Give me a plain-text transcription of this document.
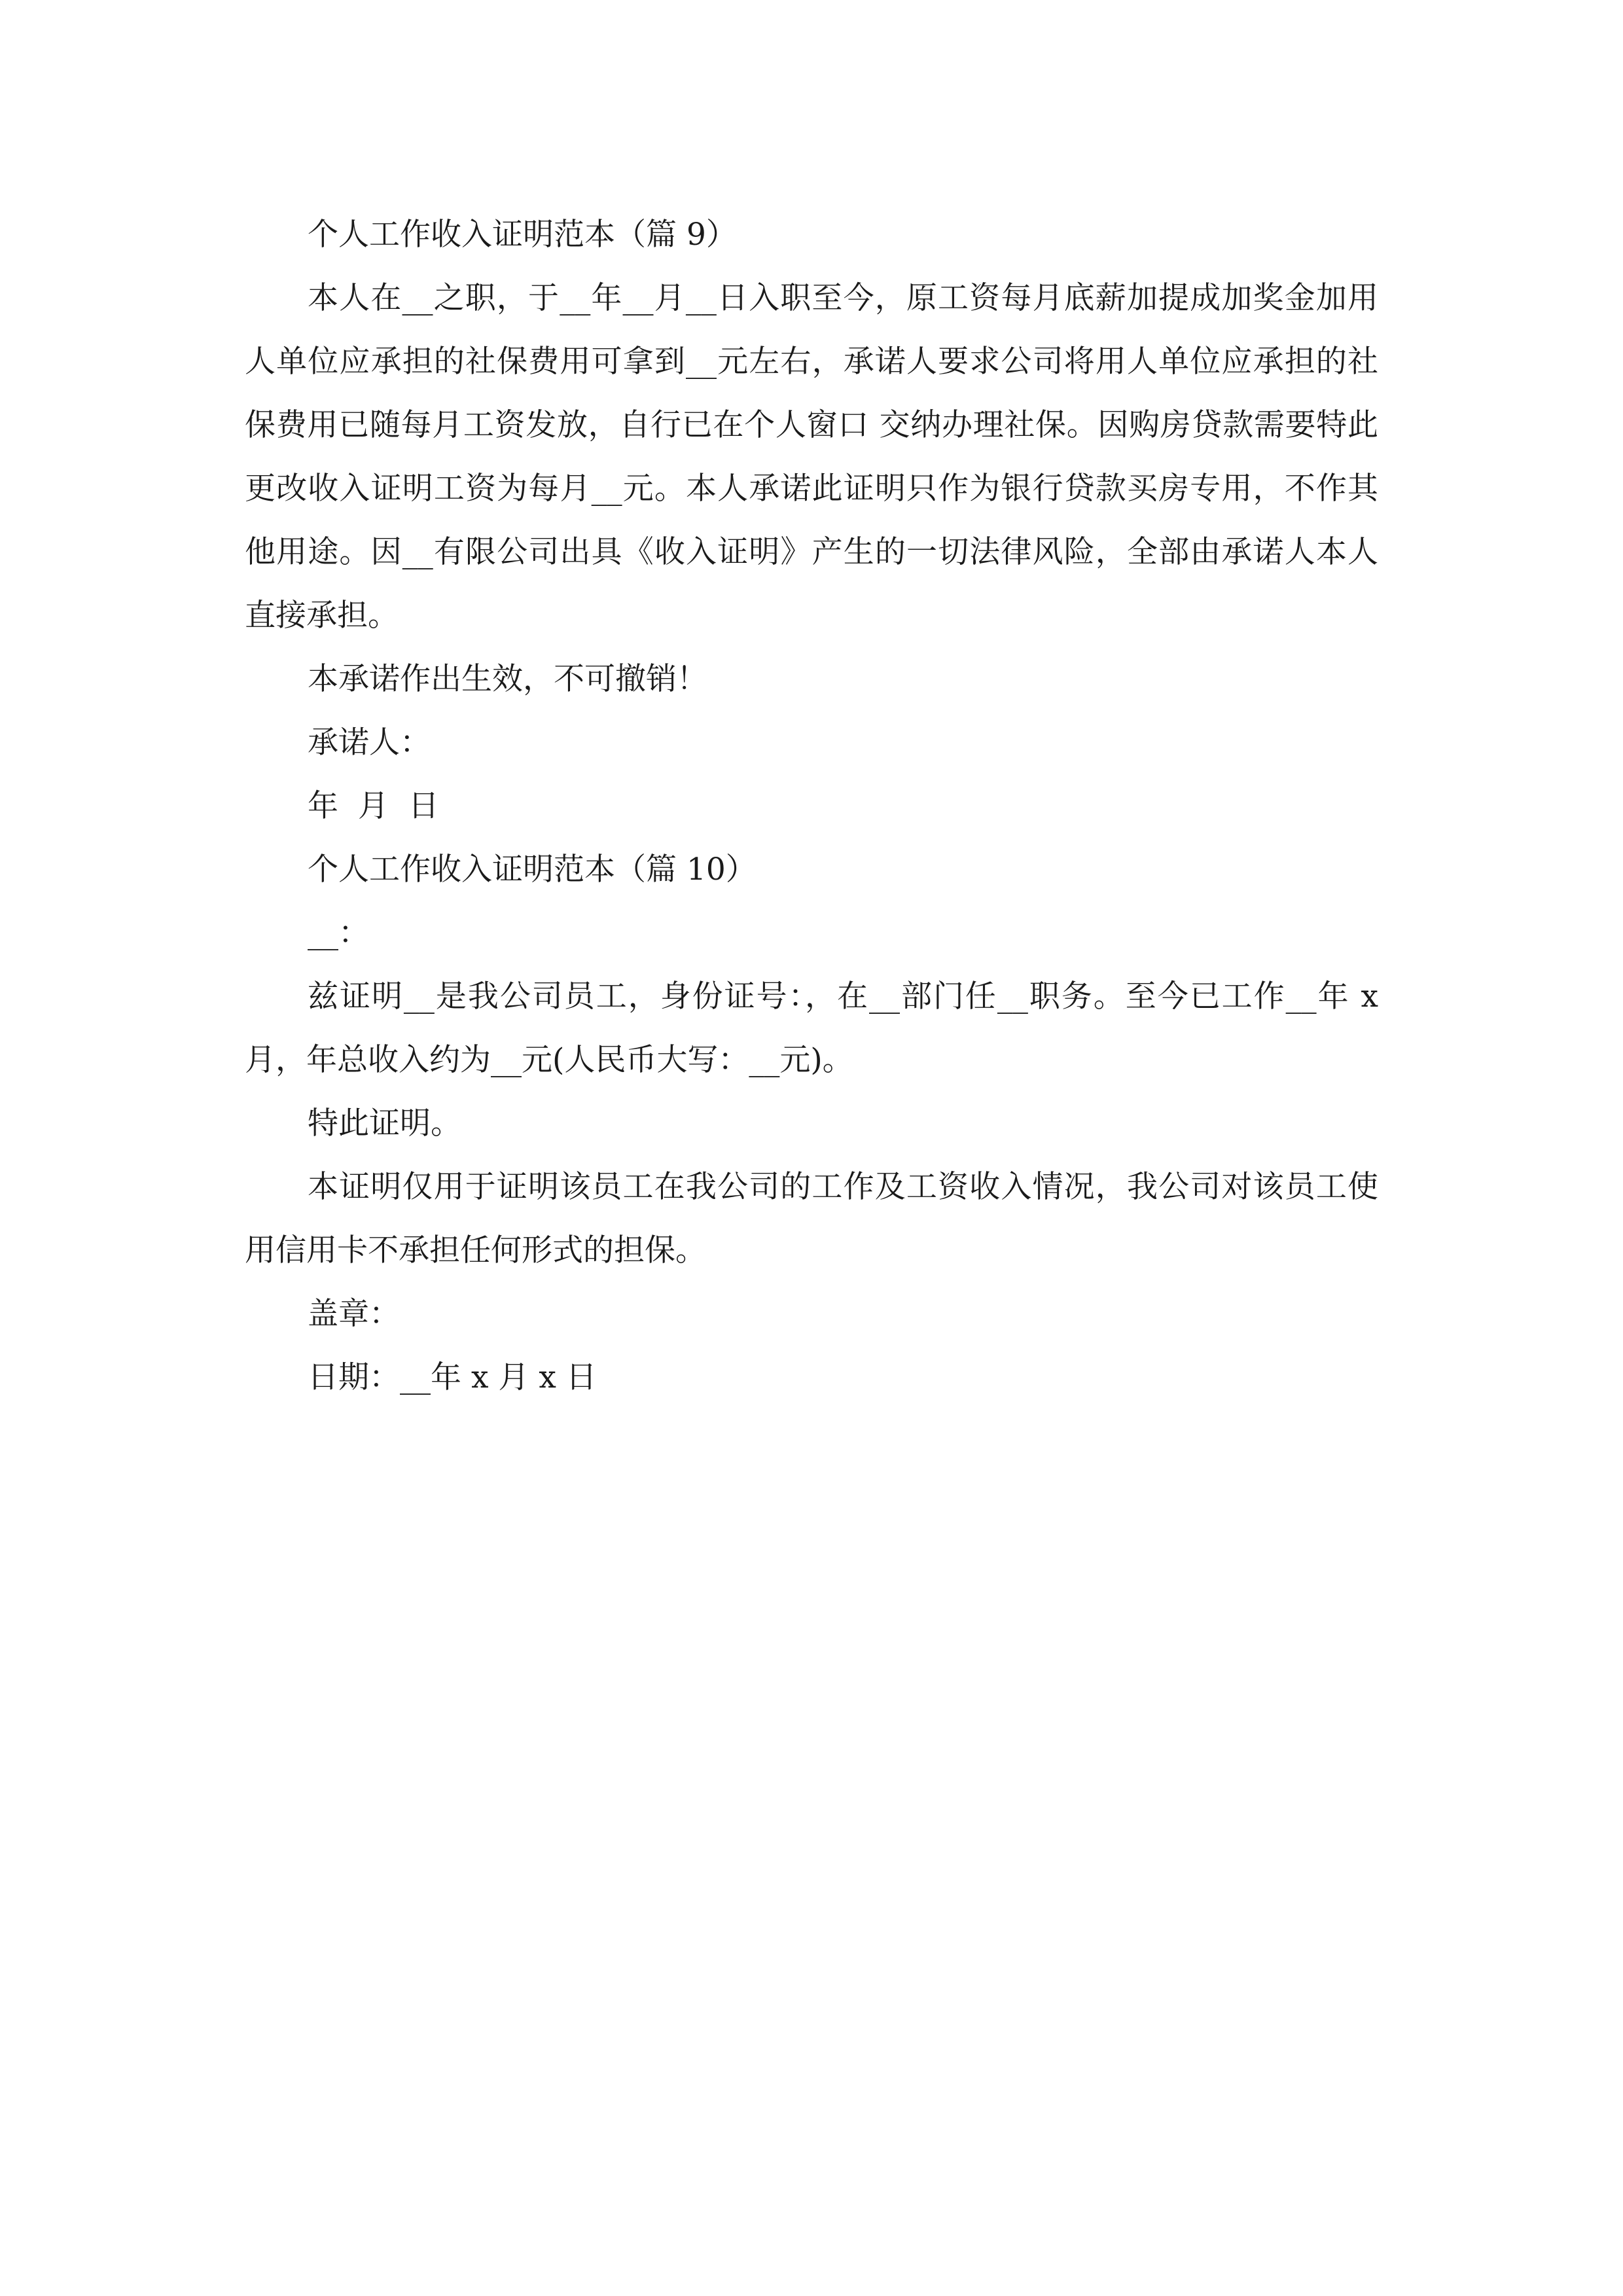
个人工作收入证明范本（篇 9）

本人在__之职，于__年__月__日入职至今，原工资每月底薪加提成加奖金加用人单位应承担的社保费用可拿到__元左右，承诺人要求公司将用人单位应承担的社保费用已随每月工资发放，自行已在个人窗口 交纳办理社保。因购房贷款需要特此更改收入证明工资为每月__元。本人承诺此证明只作为银行贷款买房专用，不作其他用途。因__有限公司出具《收入证明》产生的一切法律风险，全部由承诺人本人直接承担。

本承诺作出生效，不可撤销！

承诺人：

年  月  日

个人工作收入证明范本（篇 10）

__：

兹证明__是我公司员工，身份证号：，在__部门任__职务。至今已工作__年 x 月，年总收入约为__元(人民币大写：__元)。

特此证明。

本证明仅用于证明该员工在我公司的工作及工资收入情况，我公司对该员工使用信用卡不承担任何形式的担保。

盖章：

日期：__年 x 月 x 日
